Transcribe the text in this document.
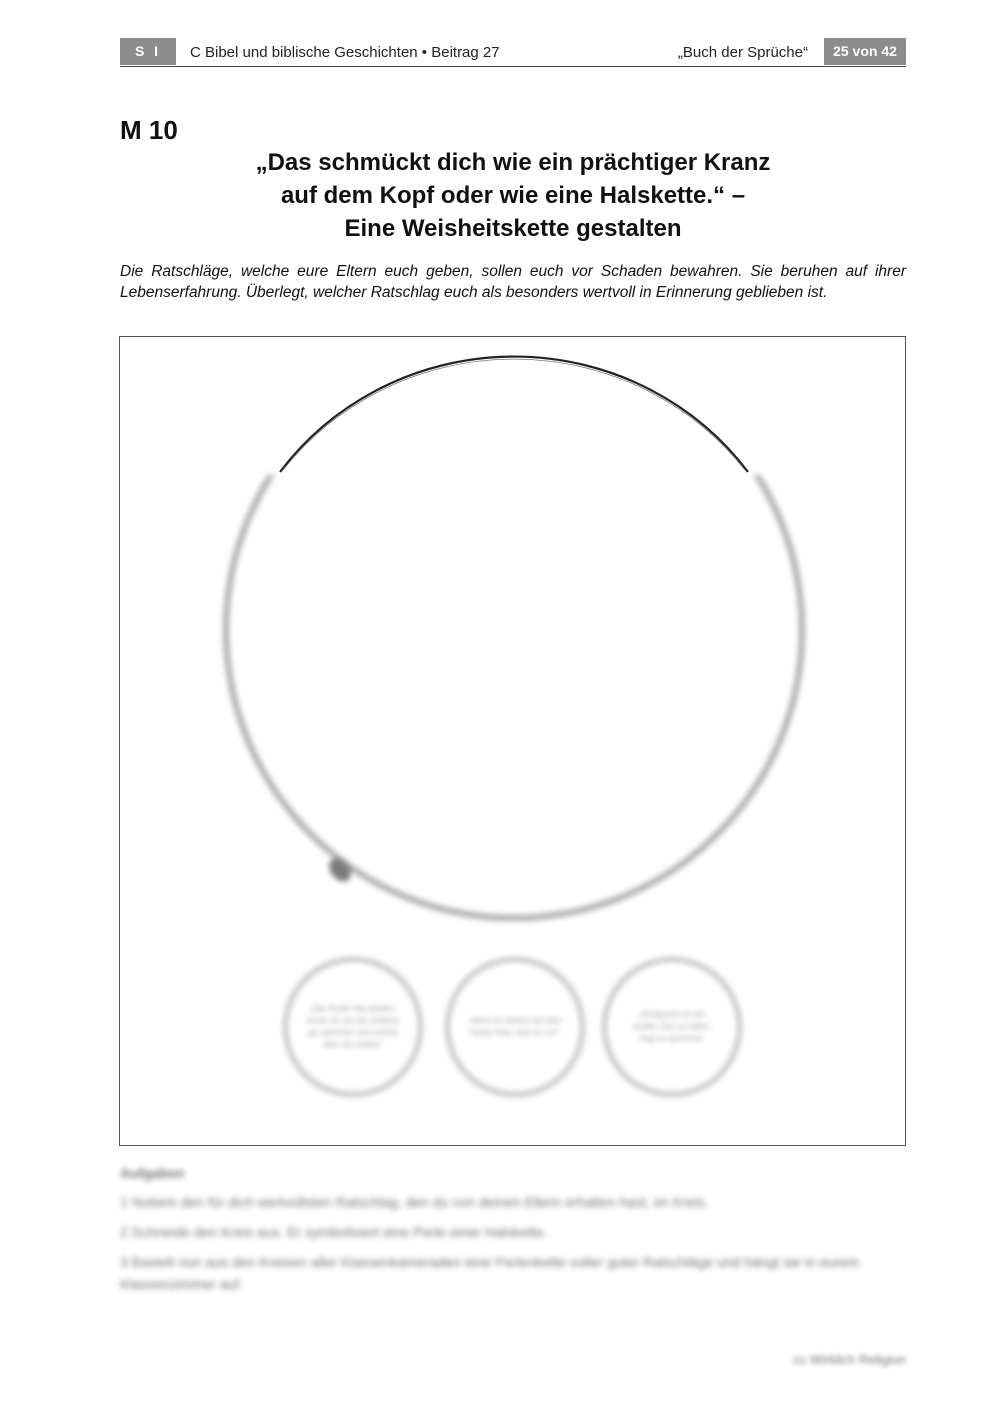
S I	C Bibel und biblische Geschichten • Beitrag 27	„Buch der Sprüche“	25 von 42
M 10
„Das schmückt dich wie ein prächtiger Kranz
auf dem Kopf oder wie eine Halskette.“ –
Eine Weisheitskette gestalten
Die Ratschläge, welche eure Eltern euch geben, sollen euch vor Schaden bewahren. Sie beruhen auf ihrer Lebenserfahrung. Überlegt, welcher Ratschlag euch als besonders wertvoll in Erinnerung geblieben ist.
„Das Ruder fest packen, immer an uns bei anderen gut sprechen und schöne aber ans sieden“
„Wenn es einfach auf dem Handy frisst, hast du es?“
„Erfolgreich ist wer erzählt. Das zu halten, fragt zu sprechen“
Aufgaben
1 Notiere den für dich wertvollsten Ratschlag, den du von deinen Eltern erhalten hast, im Kreis.
2 Schneide den Kreis aus. Er symbolisiert eine Perle einer Halskette.
3 Bastelt nun aus den Kreisen aller Klassenkameraden eine Perlenkette voller guter Ratschläge und hängt sie in eurem Klassenzimmer auf.
cc Wirklich Religion
